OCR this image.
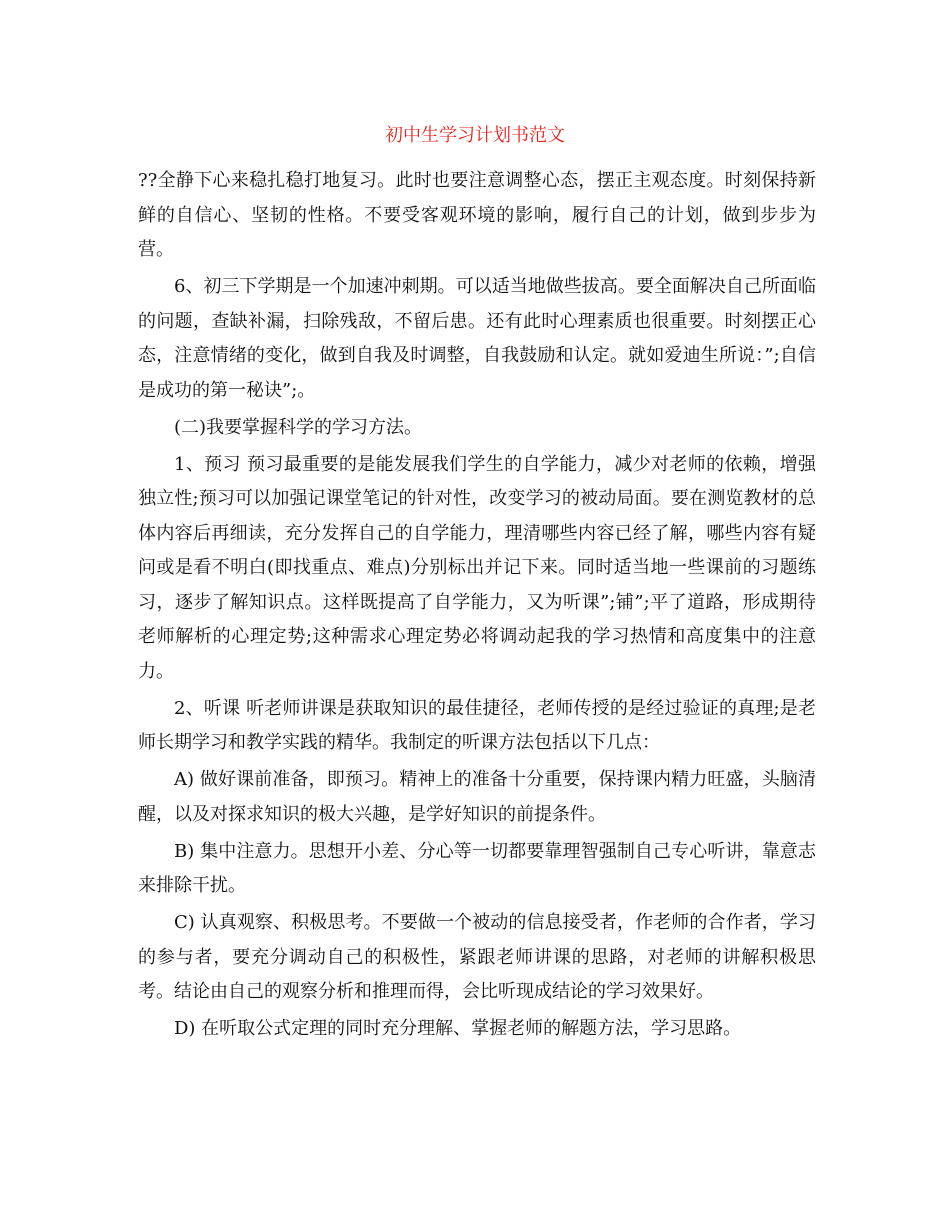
初中生学习计划书范文

??全静下心来稳扎稳打地复习。此时也要注意调整心态，摆正主观态度。时刻保持新鲜的自信心、坚韧的性格。不要受客观环境的影响，履行自己的计划，做到步步为营。

6、初三下学期是一个加速冲刺期。可以适当地做些拔高。要全面解决自己所面临的问题，查缺补漏，扫除残敌，不留后患。还有此时心理素质也很重要。时刻摆正心态，注意情绪的变化，做到自我及时调整，自我鼓励和认定。就如爱迪生所说：”;自信是成功的第一秘诀”;。

(二)我要掌握科学的学习方法。

1、预习 预习最重要的是能发展我们学生的自学能力，减少对老师的依赖，增强独立性;预习可以加强记课堂笔记的针对性，改变学习的被动局面。要在测览教材的总体内容后再细读，充分发挥自己的自学能力，理清哪些内容已经了解，哪些内容有疑问或是看不明白(即找重点、难点)分别标出并记下来。同时适当地一些课前的习题练习，逐步了解知识点。这样既提高了自学能力，又为听课”;铺”;平了道路，形成期待老师解析的心理定势;这种需求心理定势必将调动起我的学习热情和高度集中的注意力。

2、听课 听老师讲课是获取知识的最佳捷径，老师传授的是经过验证的真理;是老师长期学习和教学实践的精华。我制定的听课方法包括以下几点：

A) 做好课前准备，即预习。精神上的准备十分重要，保持课内精力旺盛，头脑清醒，以及对探求知识的极大兴趣，是学好知识的前提条件。

B) 集中注意力。思想开小差、分心等一切都要靠理智强制自己专心听讲，靠意志来排除干扰。

C) 认真观察、积极思考。不要做一个被动的信息接受者，作老师的合作者，学习的参与者，要充分调动自己的积极性，紧跟老师讲课的思路，对老师的讲解积极思考。结论由自己的观察分析和推理而得，会比听现成结论的学习效果好。

D) 在听取公式定理的同时充分理解、掌握老师的解题方法，学习思路。
